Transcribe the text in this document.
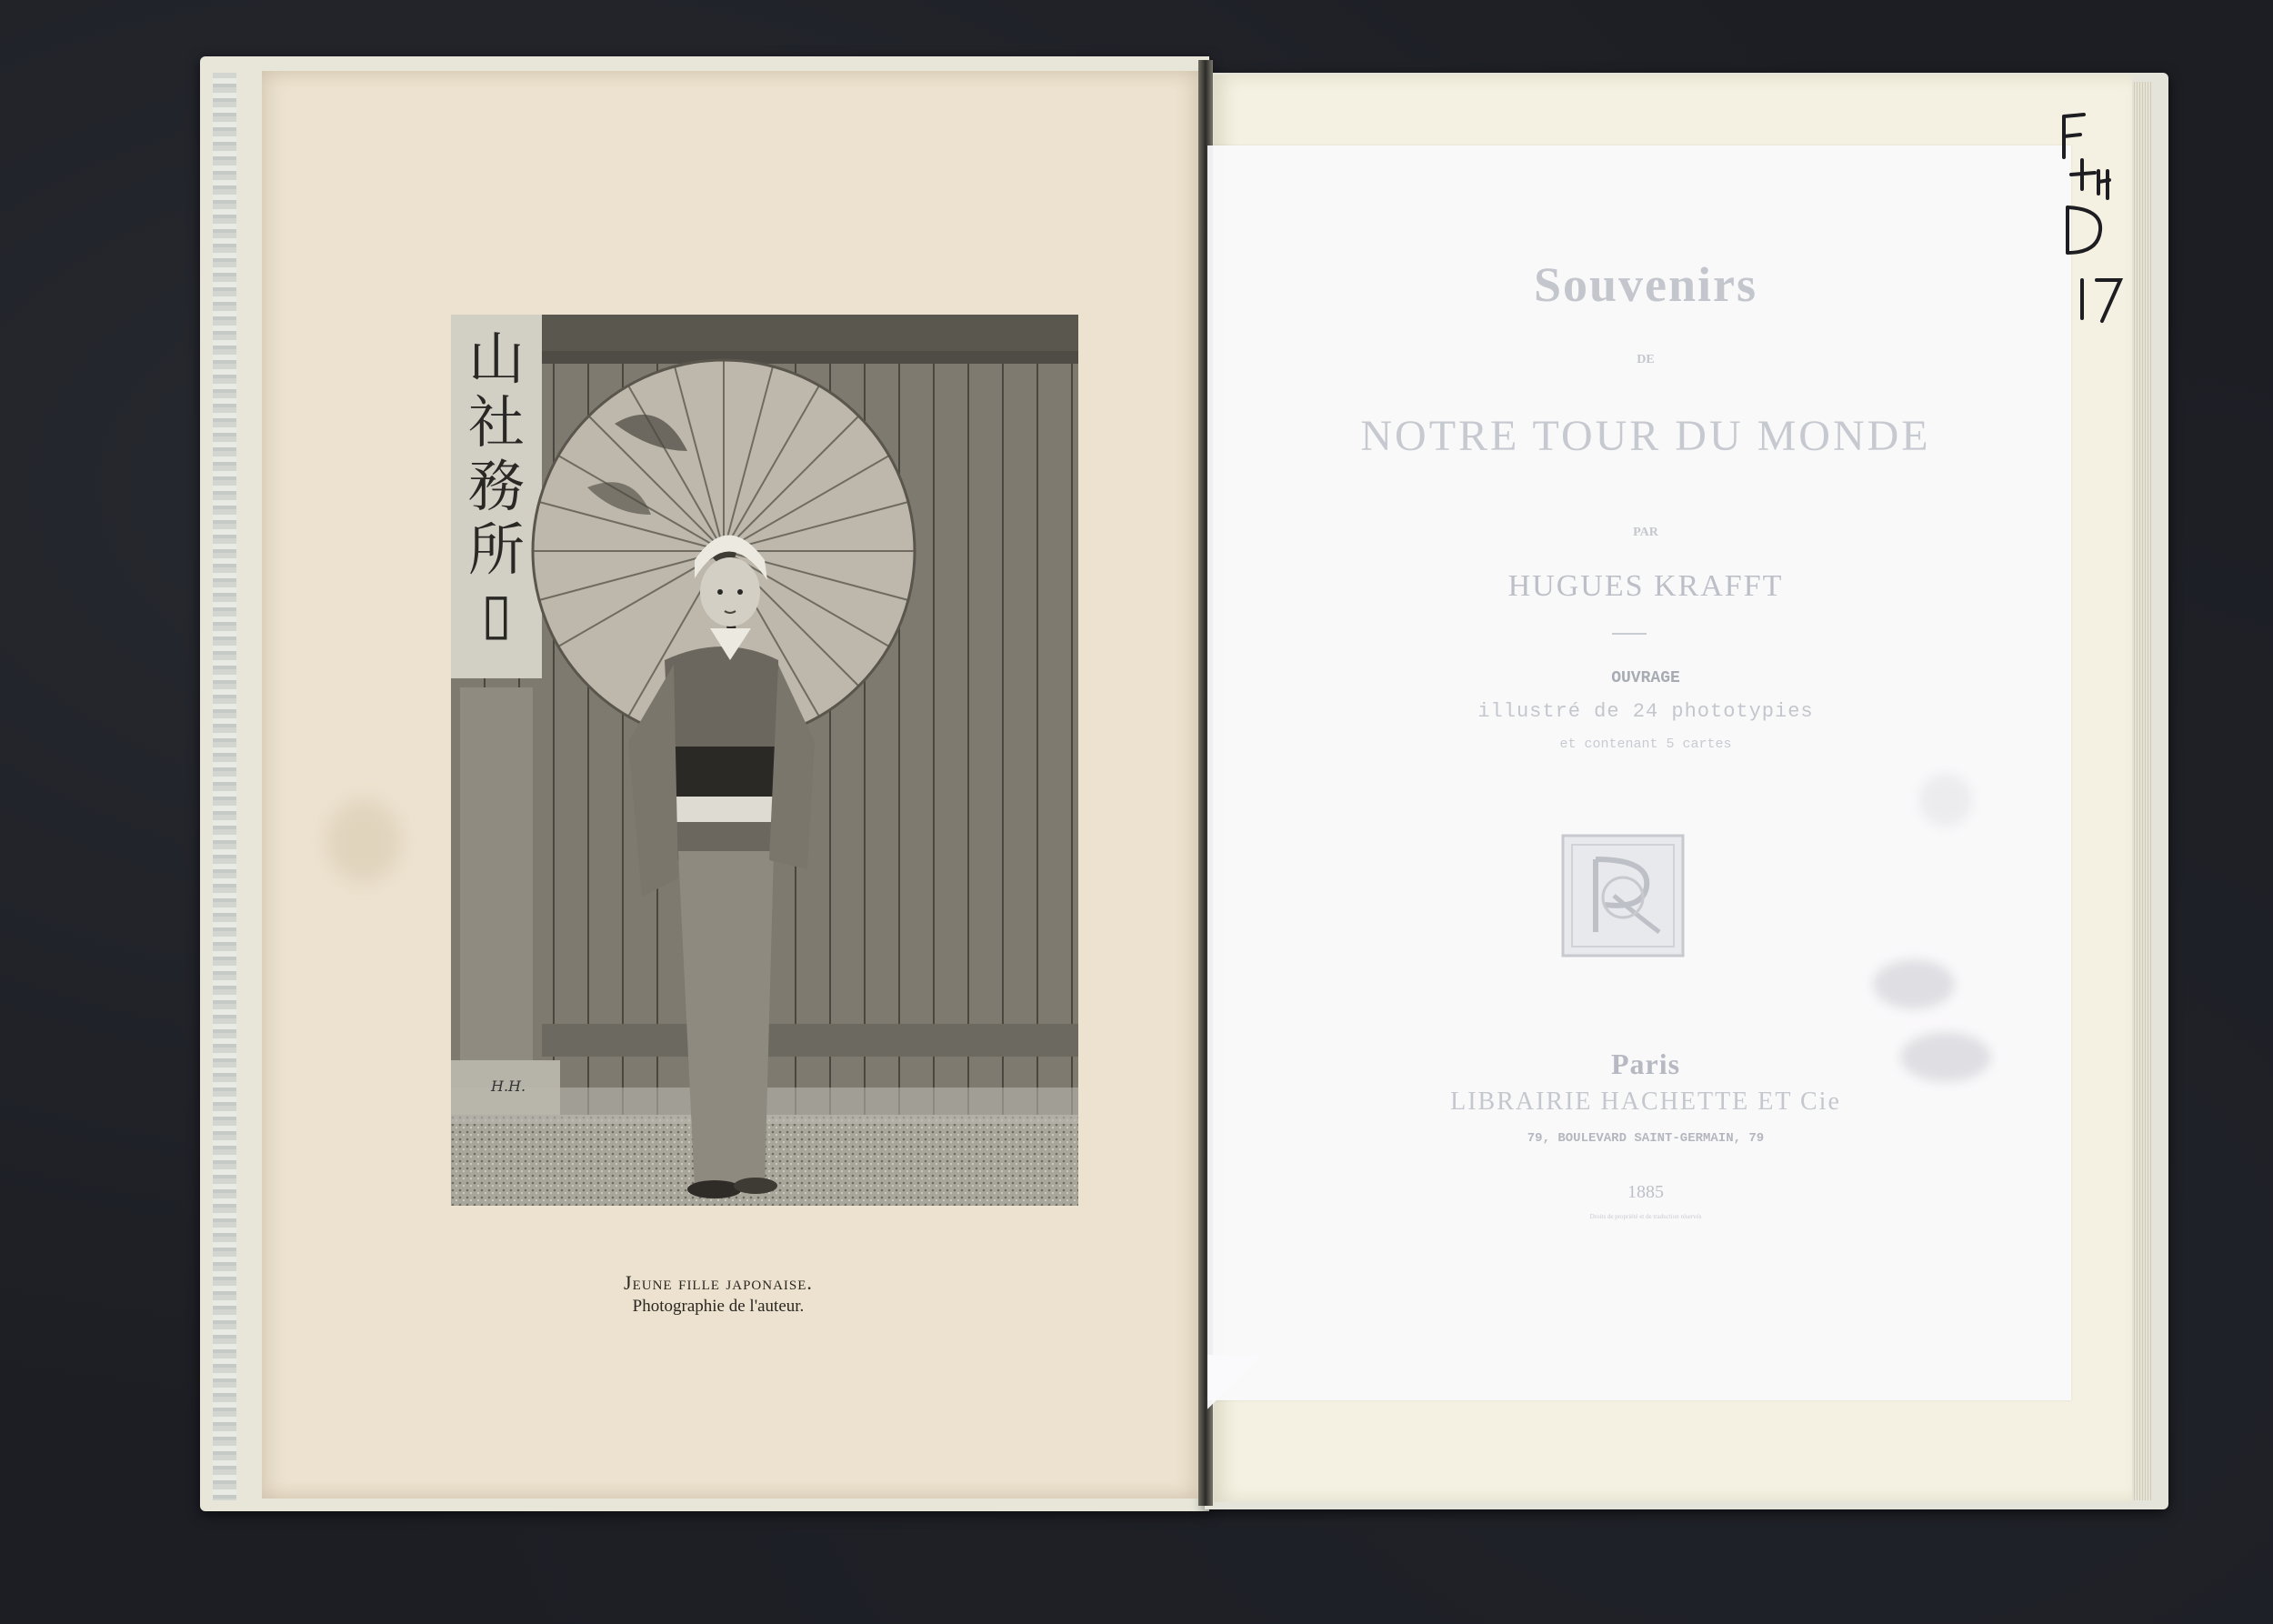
山
社
務
所
▯
H.H.
Jeune fille japonaise.
Photographie de l'auteur.
Souvenirs
DE
NOTRE TOUR DU MONDE
PAR
HUGUES KRAFFT
OUVRAGE
illustré de 24 phototypies
et contenant 5 cartes
Paris
LIBRAIRIE HACHETTE ET Cie
79, BOULEVARD SAINT-GERMAIN, 79
1885
Droits de propriété et de traduction réservés
